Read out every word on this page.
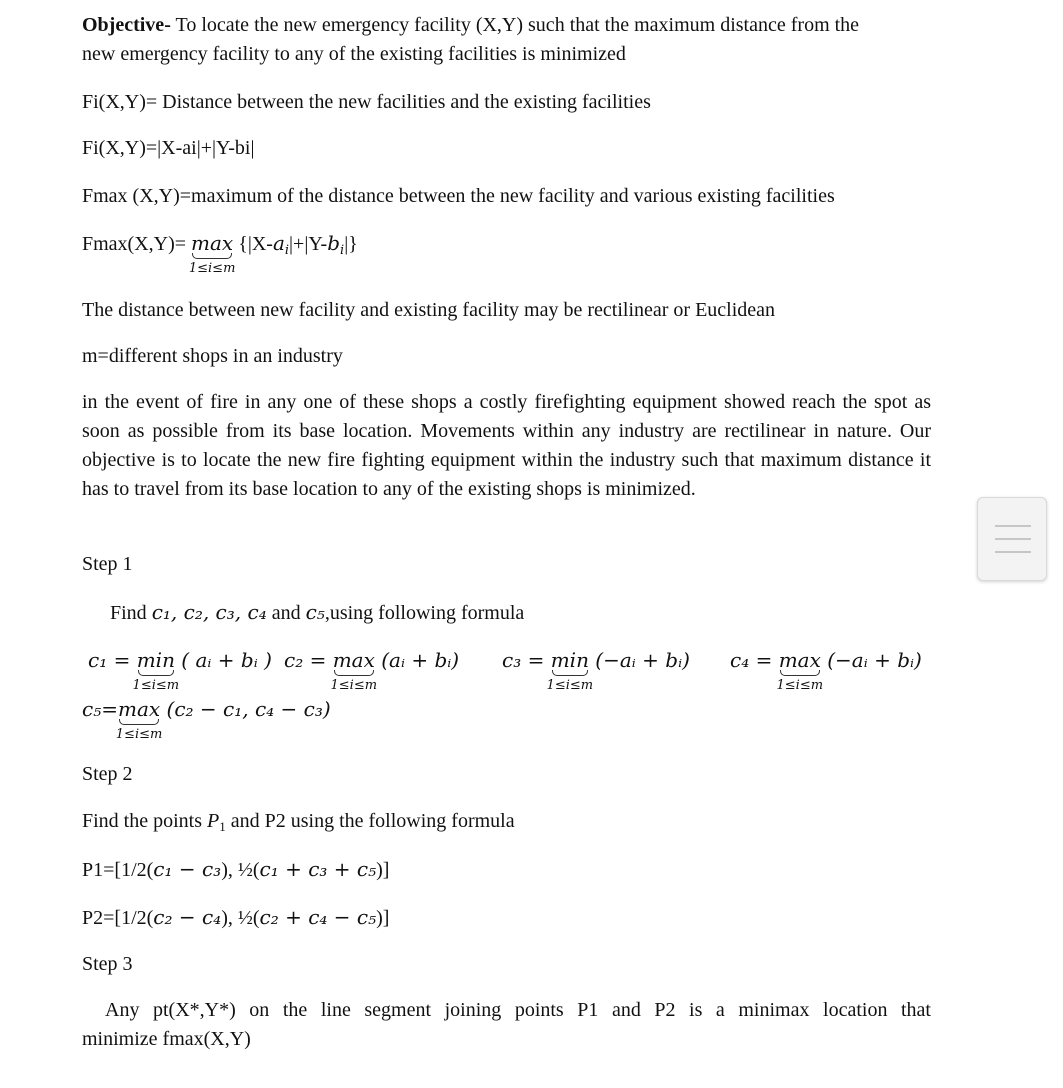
Objective- To locate the new emergency facility (X,Y) such that the maximum distance from the
new emergency facility to any of the existing facilities is minimized
Fi(X,Y)= Distance between the new facilities and the existing facilities
Fi(X,Y)=|X-ai|+|Y-bi|
Fmax (X,Y)=maximum of the distance between the new facility and various existing facilities
Fmax(X,Y)= max
1≤i≤m
$\{|X-a_i|+|Y-b_i|\}$
The distance between new facility and existing facility may be rectilinear or Euclidean
m=different shops in an industry
in the event of fire in any one of these shops a costly firefighting equipment showed reach the spot as soon as possible from its base location. Movements within any industry are rectilinear in nature. Our objective is to locate the new fire fighting equipment within the industry such that maximum distance it has to travel from its base location to any of the existing shops is minimized.
Step 1
Find c₁, c₂, c₃, c₄ and c₅,using following formula
c₁ = min
1≤i≤m
( aᵢ + bᵢ ) c₂ = max
1≤i≤m
(aᵢ + bᵢ) c₃ = min
1≤i≤m
(−aᵢ + bᵢ) c₄ = max
1≤i≤m
(−aᵢ + bᵢ)
c₅=max
1≤i≤m
(c₂ − c₁, c₄ − c₃)
Step 2
Find the points $P_1$ and P2 using the following formula
P1=[1/2(c₁ − c₃), ½(c₁ + c₃ + c₅)]
P2=[1/2(c₂ − c₄), ½(c₂ + c₄ − c₅)]
Step 3
Any pt(X*,Y*) on the line segment joining points P1 and P2 is a minimax location that
minimize fmax(X,Y)
